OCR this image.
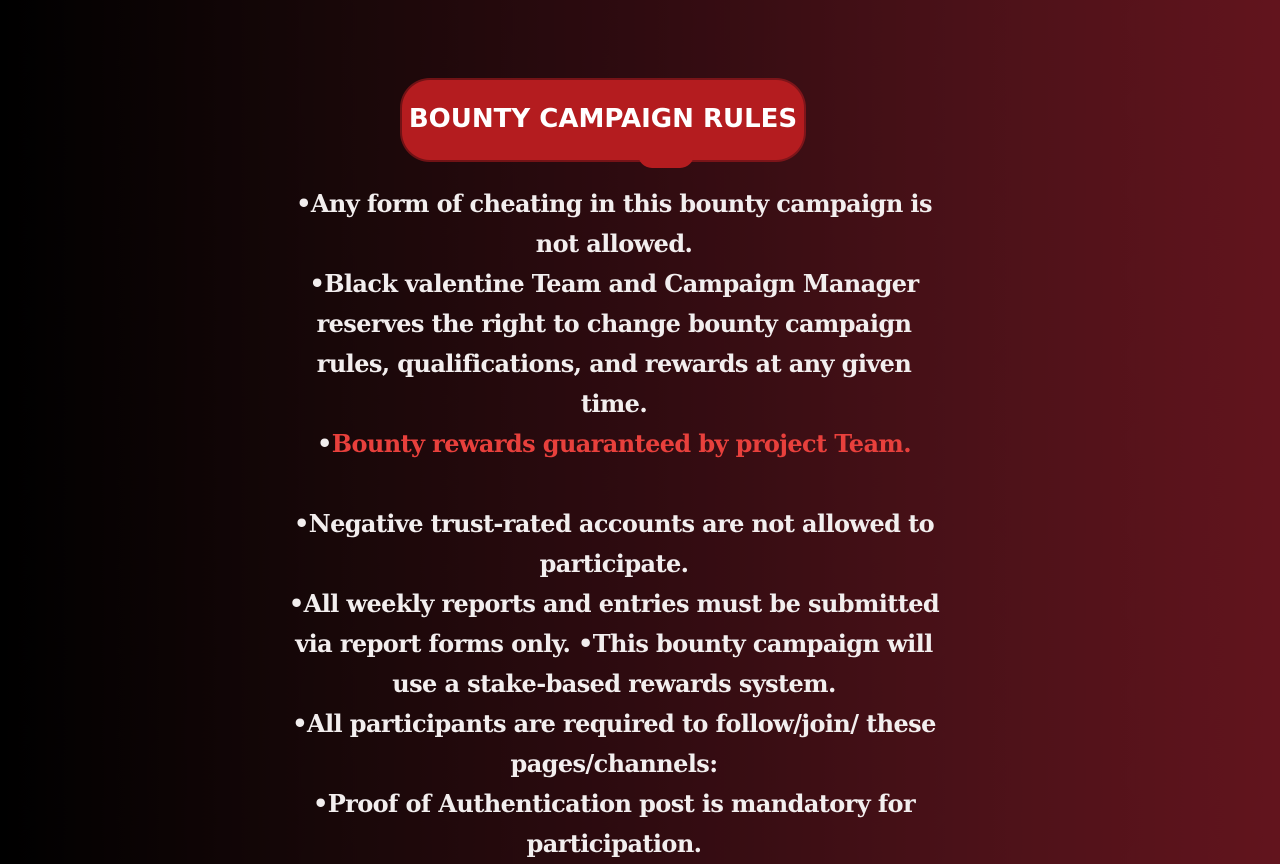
BOUNTY CAMPAIGN RULES
•Any form of cheating in this bounty campaign is not allowed.
•Black valentine Team and Campaign Manager reserves the right to change bounty campaign rules, qualifications, and rewards at any given time.
•Bounty rewards guaranteed by project Team.
•Negative trust-rated accounts are not allowed to participate.
•All weekly reports and entries must be submitted via report forms only. •This bounty campaign will use a stake-based rewards system.
•All participants are required to follow/join/ these pages/channels:
•Proof of Authentication post is mandatory for participation.
